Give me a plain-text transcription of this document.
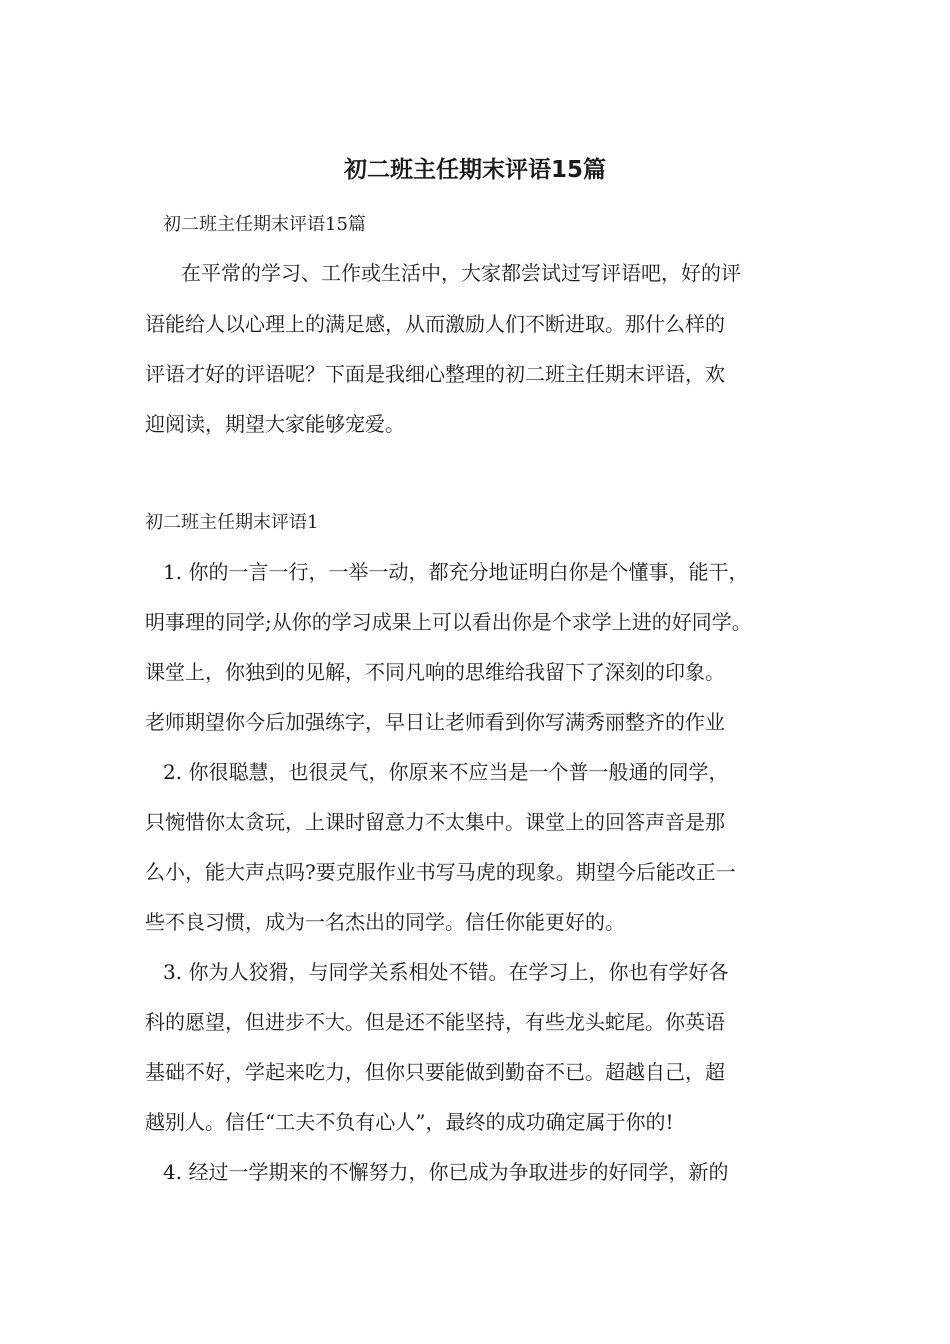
初二班主任期末评语15篇

初二班主任期末评语15篇

在平常的学习、工作或生活中，大家都尝试过写评语吧，好的评

语能给人以心理上的满足感，从而激励人们不断进取。那什么样的

评语才好的评语呢？下面是我细心整理的初二班主任期末评语，欢

迎阅读，期望大家能够宠爱。

初二班主任期末评语1

1. 你的一言一行，一举一动，都充分地证明白你是个懂事，能干，

明事理的同学;从你的学习成果上可以看出你是个求学上进的好同学。

课堂上，你独到的见解，不同凡响的思维给我留下了深刻的印象。

老师期望你今后加强练字，早日让老师看到你写满秀丽整齐的作业

2. 你很聪慧，也很灵气，你原来不应当是一个普一般通的同学，

只惋惜你太贪玩，上课时留意力不太集中。课堂上的回答声音是那

么小，能大声点吗?要克服作业书写马虎的现象。期望今后能改正一

些不良习惯，成为一名杰出的同学。信任你能更好的。

3. 你为人狡猾，与同学关系相处不错。在学习上，你也有学好各

科的愿望，但进步不大。但是还不能坚持，有些龙头蛇尾。你英语

基础不好，学起来吃力，但你只要能做到勤奋不已。超越自己，超

越别人。信任“工夫不负有心人”，最终的成功确定属于你的!

4. 经过一学期来的不懈努力，你已成为争取进步的好同学，新的
